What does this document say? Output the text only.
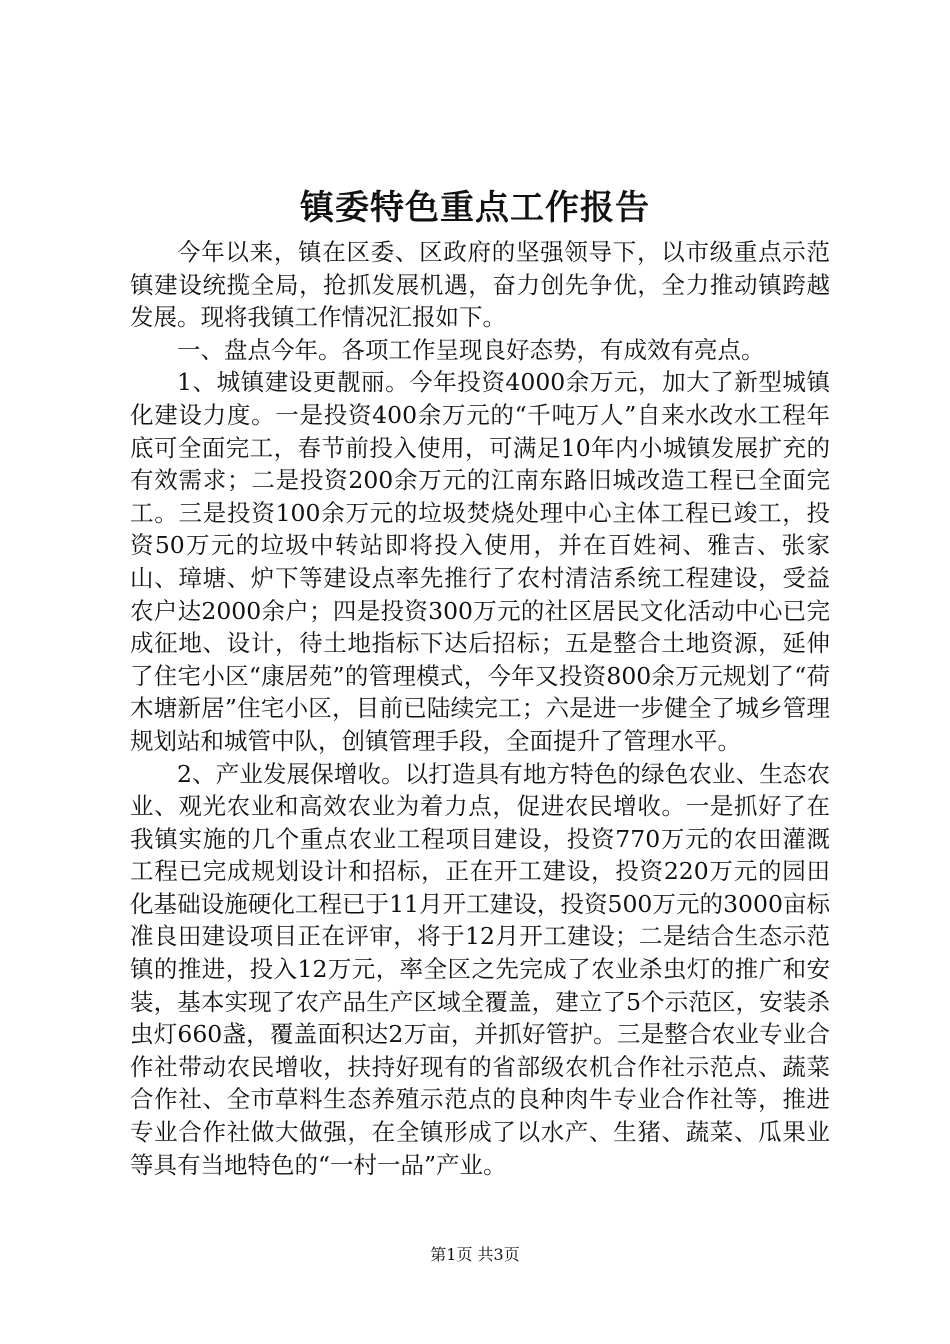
镇委特色重点工作报告

今年以来，镇在区委、区政府的坚强领导下，以市级重点示范镇建设统揽全局，抢抓发展机遇，奋力创先争优，全力推动镇跨越发展。现将我镇工作情况汇报如下。

一、盘点今年。各项工作呈现良好态势，有成效有亮点。

1、城镇建设更靓丽。今年投资4000余万元，加大了新型城镇化建设力度。一是投资400余万元的“千吨万人”自来水改水工程年底可全面完工，春节前投入使用，可满足10年内小城镇发展扩充的有效需求；二是投资200余万元的江南东路旧城改造工程已全面完工。三是投资100余万元的垃圾焚烧处理中心主体工程已竣工，投资50万元的垃圾中转站即将投入使用，并在百姓祠、雅吉、张家山、璋塘、炉下等建设点率先推行了农村清洁系统工程建设，受益农户达2000余户；四是投资300万元的社区居民文化活动中心已完成征地、设计，待土地指标下达后招标；五是整合土地资源，延伸了住宅小区“康居苑”的管理模式，今年又投资800余万元规划了“荷木塘新居”住宅小区，目前已陆续完工；六是进一步健全了城乡管理规划站和城管中队，创镇管理手段，全面提升了管理水平。

2、产业发展保增收。以打造具有地方特色的绿色农业、生态农业、观光农业和高效农业为着力点，促进农民增收。一是抓好了在我镇实施的几个重点农业工程项目建设，投资770万元的农田灌溉工程已完成规划设计和招标，正在开工建设，投资220万元的园田化基础设施硬化工程已于11月开工建设，投资500万元的3000亩标准良田建设项目正在评审，将于12月开工建设；二是结合生态示范镇的推进，投入12万元，率全区之先完成了农业杀虫灯的推广和安装，基本实现了农产品生产区域全覆盖，建立了5个示范区，安装杀虫灯660盏，覆盖面积达2万亩，并抓好管护。三是整合农业专业合作社带动农民增收，扶持好现有的省部级农机合作社示范点、蔬菜合作社、全市草料生态养殖示范点的良种肉牛专业合作社等，推进专业合作社做大做强，在全镇形成了以水产、生猪、蔬菜、瓜果业等具有当地特色的“一村一品”产业。

第1页 共3页
